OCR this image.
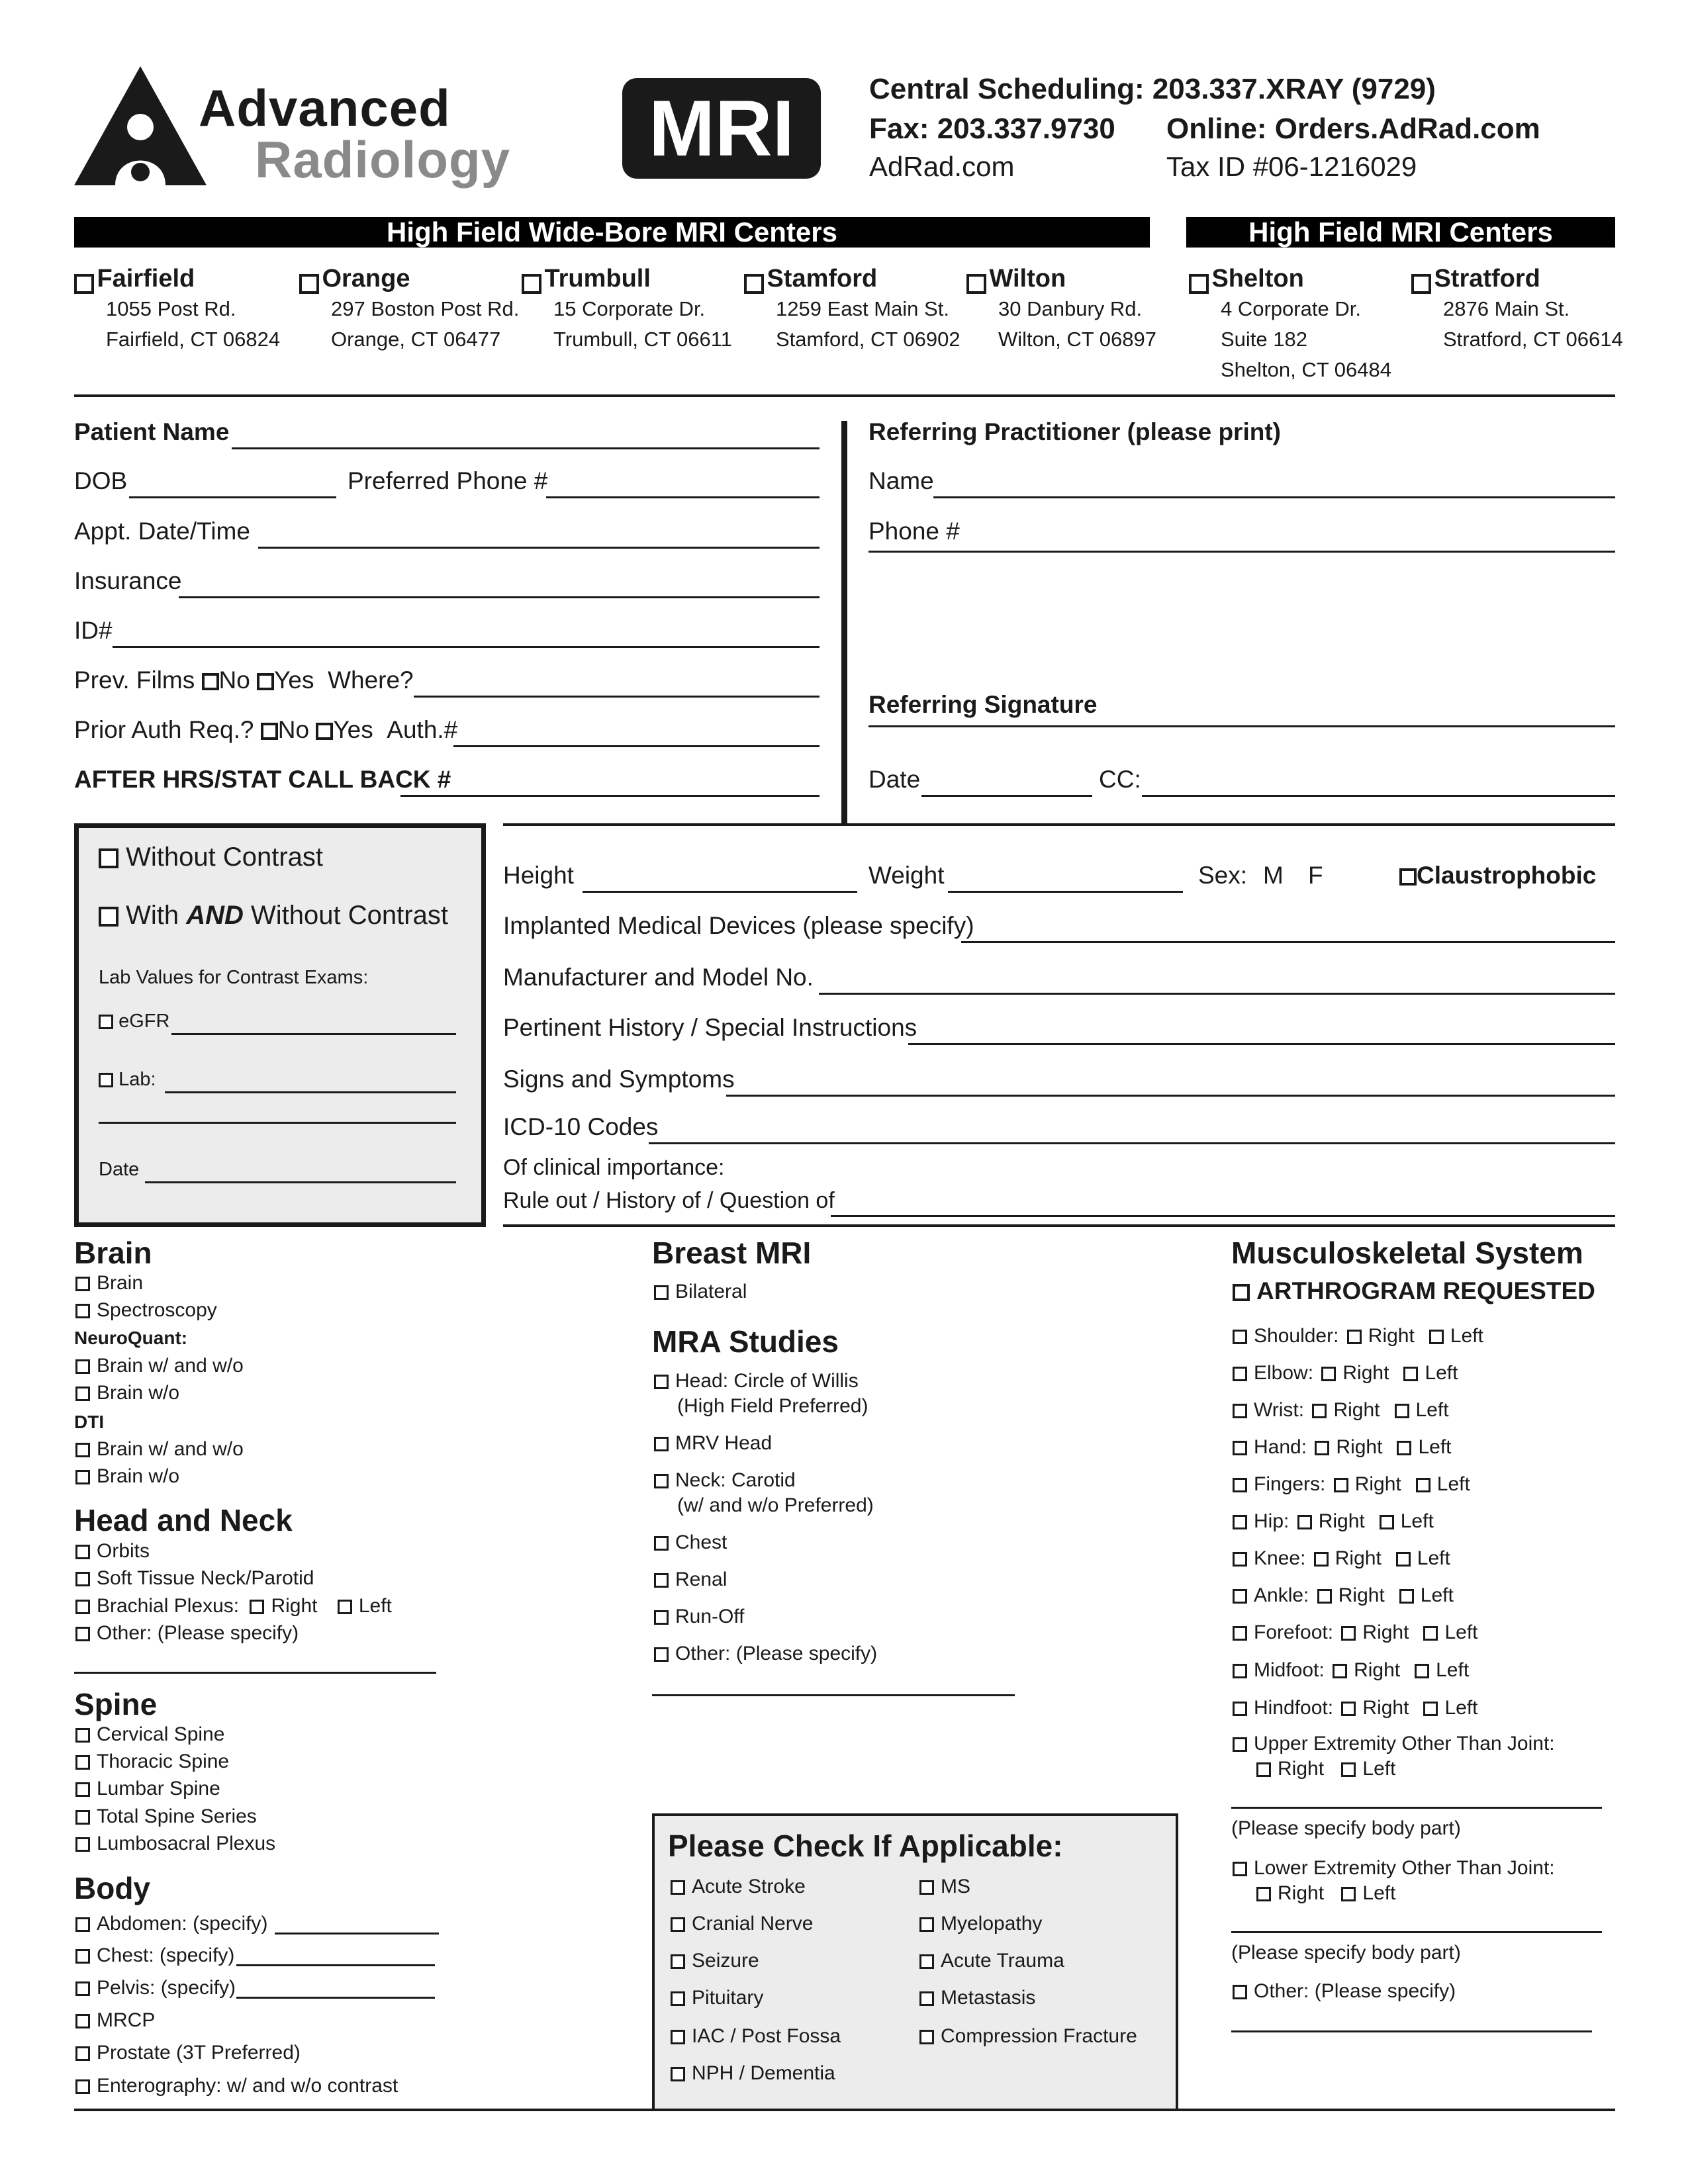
Advanced
Radiology	MRI	Central Scheduling: 203.337.XRAY (9729)
Fax: 203.337.9730 Online: Orders.AdRad.com
AdRad.com	Tax ID #06-1216029
High Field Wide-Bore MRI Centers	High Field MRI Centers
Fairfield
1055 Post Rd.
Fairfield, CT 06824
Orange
297 Boston Post Rd.
Orange, CT 06477
Trumbull
15 Corporate Dr.
Trumbull, CT 06611
Stamford
1259 East Main St.
Stamford, CT 06902
Wilton
30 Danbury Rd.
Wilton, CT 06897
Shelton
4 Corporate Dr.
Suite 182
Shelton, CT 06484
Stratford
2876 Main St.
Stratford, CT 06614
Patient Name
DOB	Preferred Phone #
Appt. Date/Time
Insurance
ID#
Prev. Films No Yes Where?
Prior Auth Req.? No Yes Auth.#
AFTER HRS/STAT CALL BACK #
Referring Practitioner (please print)
Name
Phone #
Referring Signature
Date	CC:
Without Contrast
With AND Without Contrast
Lab Values for Contrast Exams:
eGFR
Lab:
Date
Height	Weight	Sex: M F	Claustrophobic
Implanted Medical Devices (please specify)
Manufacturer and Model No.
Pertinent History / Special Instructions
Signs and Symptoms
ICD-10 Codes
Of clinical importance:
Rule out / History of / Question of
Brain
Brain
Spectroscopy
NeuroQuant:
Brain w/ and w/o
Brain w/o
DTI
Brain w/ and w/o
Brain w/o
Head and Neck
Orbits
Soft Tissue Neck/Parotid
Brachial Plexus: Right Left
Other: (Please specify)
Spine
Cervical Spine
Thoracic Spine
Lumbar Spine
Total Spine Series
Lumbosacral Plexus
Body
Abdomen: (specify)
Chest: (specify)
Pelvis: (specify)
MRCP
Prostate (3T Preferred)
Enterography: w/ and w/o contrast
Breast MRI
Bilateral
MRA Studies
Head: Circle of Willis
(High Field Preferred)
MRV Head
Neck: Carotid
(w/ and w/o Preferred)
Chest
Renal
Run-Off
Other: (Please specify)
Please Check If Applicable:
Acute Stroke
Cranial Nerve
Seizure
Pituitary
IAC / Post Fossa
NPH / Dementia
MS
Myelopathy
Acute Trauma
Metastasis
Compression Fracture
Musculoskeletal System
ARTHROGRAM REQUESTED
Shoulder: Right Left
Elbow: Right Left
Wrist: Right Left
Hand: Right Left
Fingers: Right Left
Hip: Right Left
Knee: Right Left
Ankle: Right Left
Forefoot: Right Left
Midfoot: Right Left
Hindfoot: Right Left
Upper Extremity Other Than Joint:
Right Left
(Please specify body part)
Lower Extremity Other Than Joint:
Right Left
(Please specify body part)
Other: (Please specify)
